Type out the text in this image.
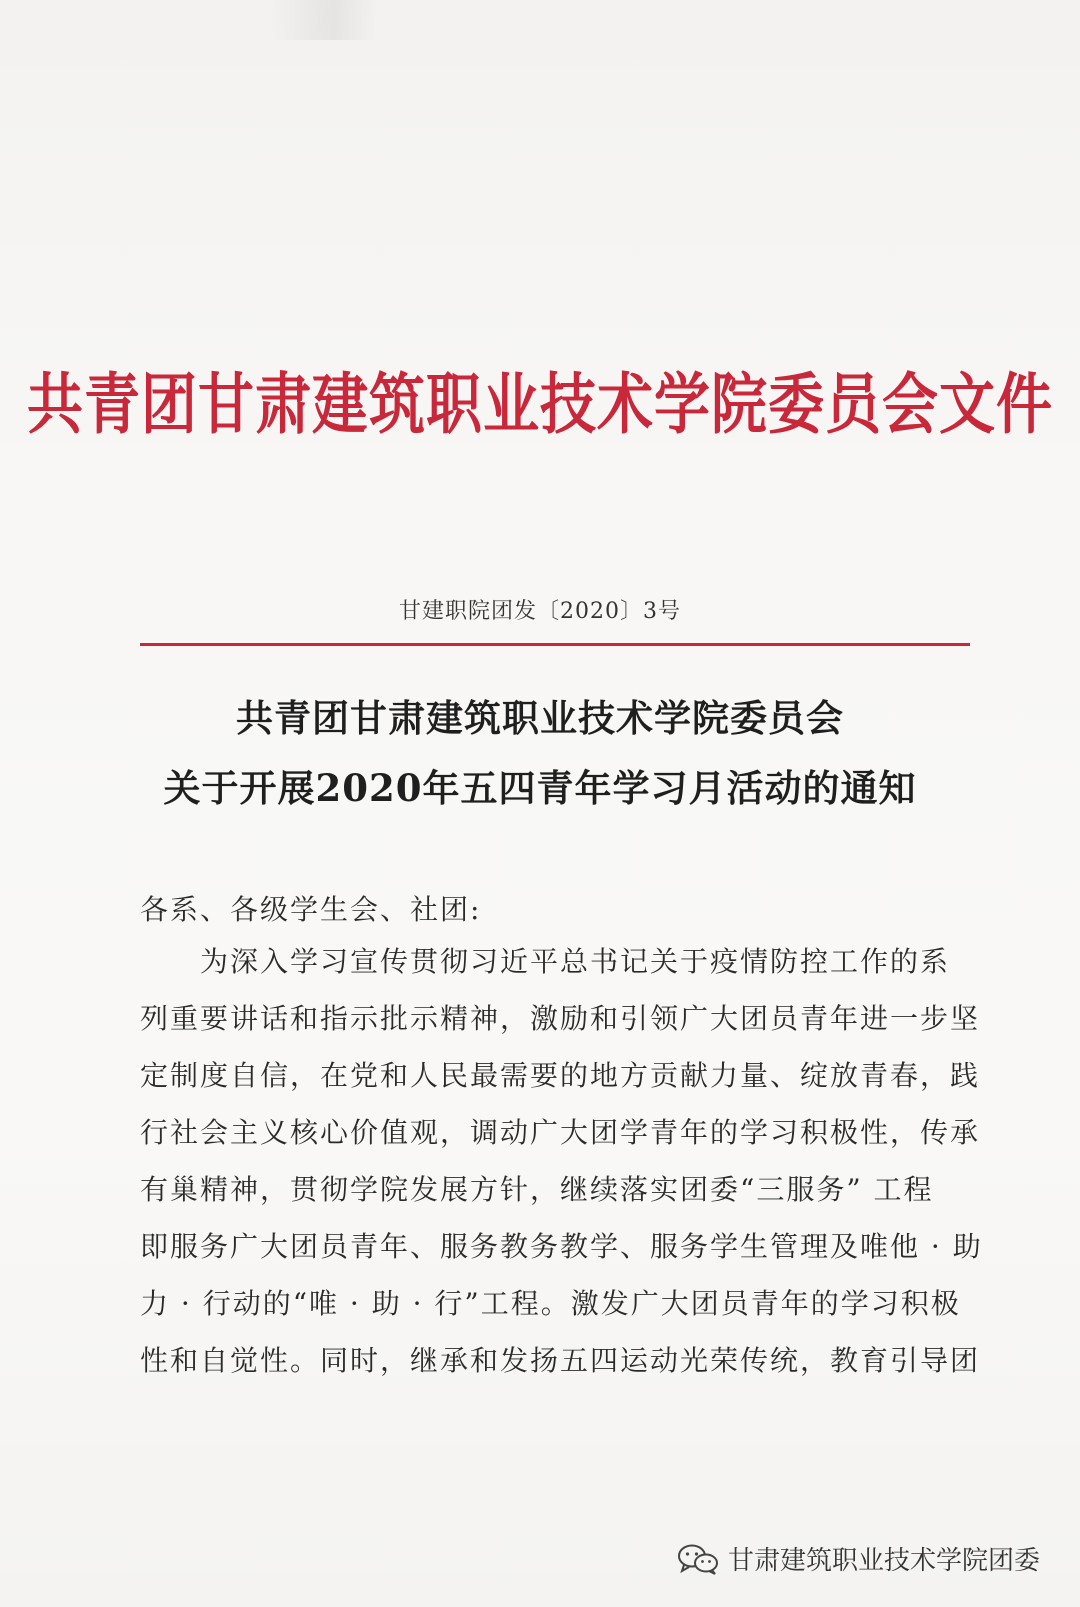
共青团甘肃建筑职业技术学院委员会文件
甘建职院团发〔2020〕3号
共青团甘肃建筑职业技术学院委员会
关于开展2020年五四青年学习月活动的通知
各系、各级学生会、社团:
　　为深入学习宣传贯彻习近平总书记关于疫情防控工作的系
列重要讲话和指示批示精神，激励和引领广大团员青年进一步坚
定制度自信，在党和人民最需要的地方贡献力量、绽放青春，践
行社会主义核心价值观，调动广大团学青年的学习积极性，传承
有巢精神，贯彻学院发展方针，继续落实团委“三服务” 工程
即服务广大团员青年、服务教务教学、服务学生管理及唯他 · 助
力 · 行动的“唯 · 助 · 行”工程。激发广大团员青年的学习积极
性和自觉性。同时，继承和发扬五四运动光荣传统，教育引导团
甘肃建筑职业技术学院团委
